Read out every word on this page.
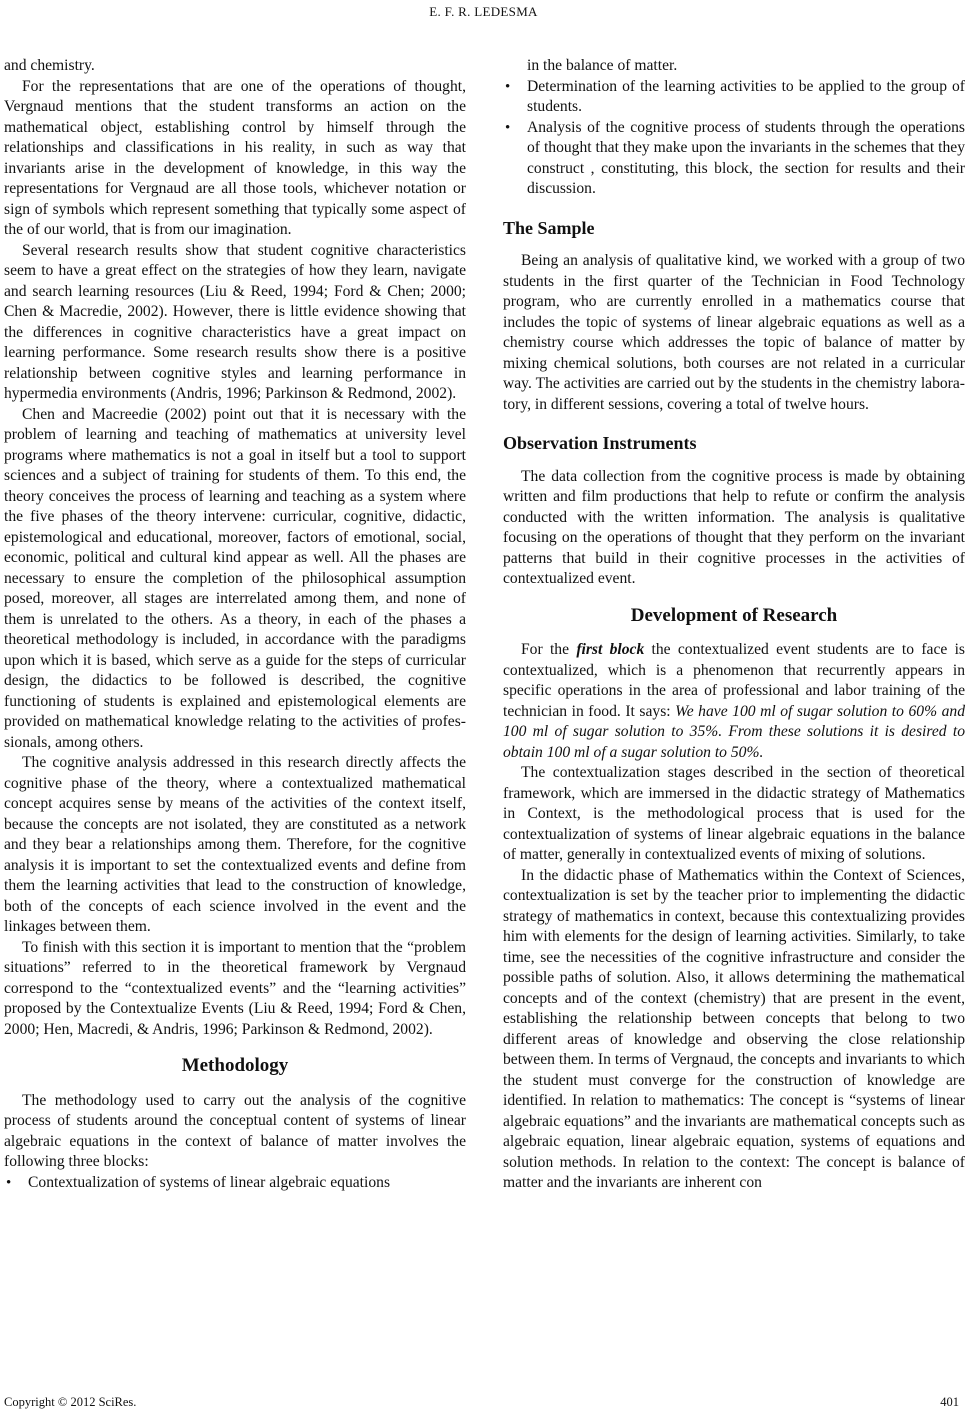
E. F. R. LEDESMA

and chemistry.

For the representations that are one of the operations of thought, Vergnaud mentions that the student transforms an action on the mathematical object, establishing control by himself through the relationships and classifications in his reality, in such as way that invariants arise in the development of knowledge, in this way the representations for Vergnaud are all those tools, whichever notation or sign of symbols which represent something that typically some aspect of the of our world, that is from our imagination.

Several research results show that student cognitive characteristics seem to have a great effect on the strategies of how they learn, navigate and search learning resources (Liu & Reed, 1994; Ford & Chen; 2000; Chen & Macredie, 2002). However, there is little evidence showing that the differences in cognitive characteristics have a great impact on learning performance. Some research results show there is a positive relationship between cognitive styles and learning performance in hypermedia environments (Andris, 1996; Parkinson & Redmond, 2002).

Chen and Macreedie (2002) point out that it is necessary with the problem of learning and teaching of mathematics at university level programs where mathematics is not a goal in itself but a tool to support sciences and a subject of training for students of them. To this end, the theory conceives the process of learning and teaching as a system where the five phases of the theory intervene: curricular, cognitive, didactic, epistemological and educational, moreover, factors of emotional, social, economic, political and cultural kind appear as well. All the phases are necessary to ensure the completion of the philosophical assumption posed, moreover, all stages are interrelated among them, and none of them is unrelated to the others. As a theory, in each of the phases a theoretical methodology is included, in accordance with the paradigms upon which it is based, which serve as a guide for the steps of curricular design, the didactics to be followed is described, the cognitive functioning of students is explained and epistemological elements are provided on mathematical knowledge relating to the activities of professionals, among others.

The cognitive analysis addressed in this research directly affects the cognitive phase of the theory, where a contextualized mathematical concept acquires sense by means of the activities of the context itself, because the concepts are not isolated, they are constituted as a network and they bear a relationships among them. Therefore, for the cognitive analysis it is important to set the contextualized events and define from them the learning activities that lead to the construction of knowledge, both of the concepts of each science involved in the event and the linkages between them.

To finish with this section it is important to mention that the “problem situations” referred to in the theoretical framework by Vergnaud correspond to the “contextualized events” and the “learning activities” proposed by the Contextualize Events (Liu & Reed, 1994; Ford & Chen, 2000; Hen, Macredi, & Andris, 1996; Parkinson & Redmond, 2002).

Methodology

The methodology used to carry out the analysis of the cognitive process of students around the conceptual content of systems of linear algebraic equations in the context of balance of matter involves the following three blocks:

• Contextualization of systems of linear algebraic equations
in the balance of matter.
• Determination of the learning activities to be applied to the group of students.
• Analysis of the cognitive process of students through the operations of thought that they make upon the invariants in the schemes that they construct , constituting, this block, the section for results and their discussion.
The Sample

Being an analysis of qualitative kind, we worked with a group of two students in the first quarter of the Technician in Food Technology program, who are currently enrolled in a mathematics course that includes the topic of systems of linear algebraic equations as well as a chemistry course which addresses the topic of balance of matter by mixing chemical solutions, both courses are not related in a curricular way. The activities are carried out by the students in the chemistry laboratory, in different sessions, covering a total of twelve hours.

Observation Instruments

The data collection from the cognitive process is made by obtaining written and film productions that help to refute or confirm the analysis conducted with the written information. The analysis is qualitative focusing on the operations of thought that they perform on the invariant patterns that build in their cognitive processes in the activities of contextualized event.

Development of Research

For the first block the contextualized event students are to face is contextualized, which is a phenomenon that recurrently appears in specific operations in the area of professional and labor training of the technician in food. It says: We have 100 ml of sugar solution to 60% and 100 ml of sugar solution to 35%. From these solutions it is desired to obtain 100 ml of a sugar solution to 50%.

The contextualization stages described in the section of theoretical framework, which are immersed in the didactic strategy of Mathematics in Context, is the methodological process that is used for the contextualization of systems of linear algebraic equations in the balance of matter, generally in contextualized events of mixing of solutions.

In the didactic phase of Mathematics within the Context of Sciences, contextualization is set by the teacher prior to implementing the didactic strategy of mathematics in context, because this contextualizing provides him with elements for the design of learning activities. Similarly, to take time, see the necessities of the cognitive infrastructure and consider the possible paths of solution. Also, it allows determining the mathematical concepts and of the context (chemistry) that are present in the event, establishing the relationship between concepts that belong to two different areas of knowledge and observing the close relationship between them. In terms of Vergnaud, the concepts and invariants to which the student must converge for the construction of knowledge are identified. In relation to mathematics: The concept is “systems of linear algebraic equations” and the invariants are mathematical concepts such as algebraic equation, linear algebraic equation, systems of equations and solution methods. In relation to the context: The concept is balance of matter and the invariants are inherent con

Copyright © 2012 SciRes.	401
